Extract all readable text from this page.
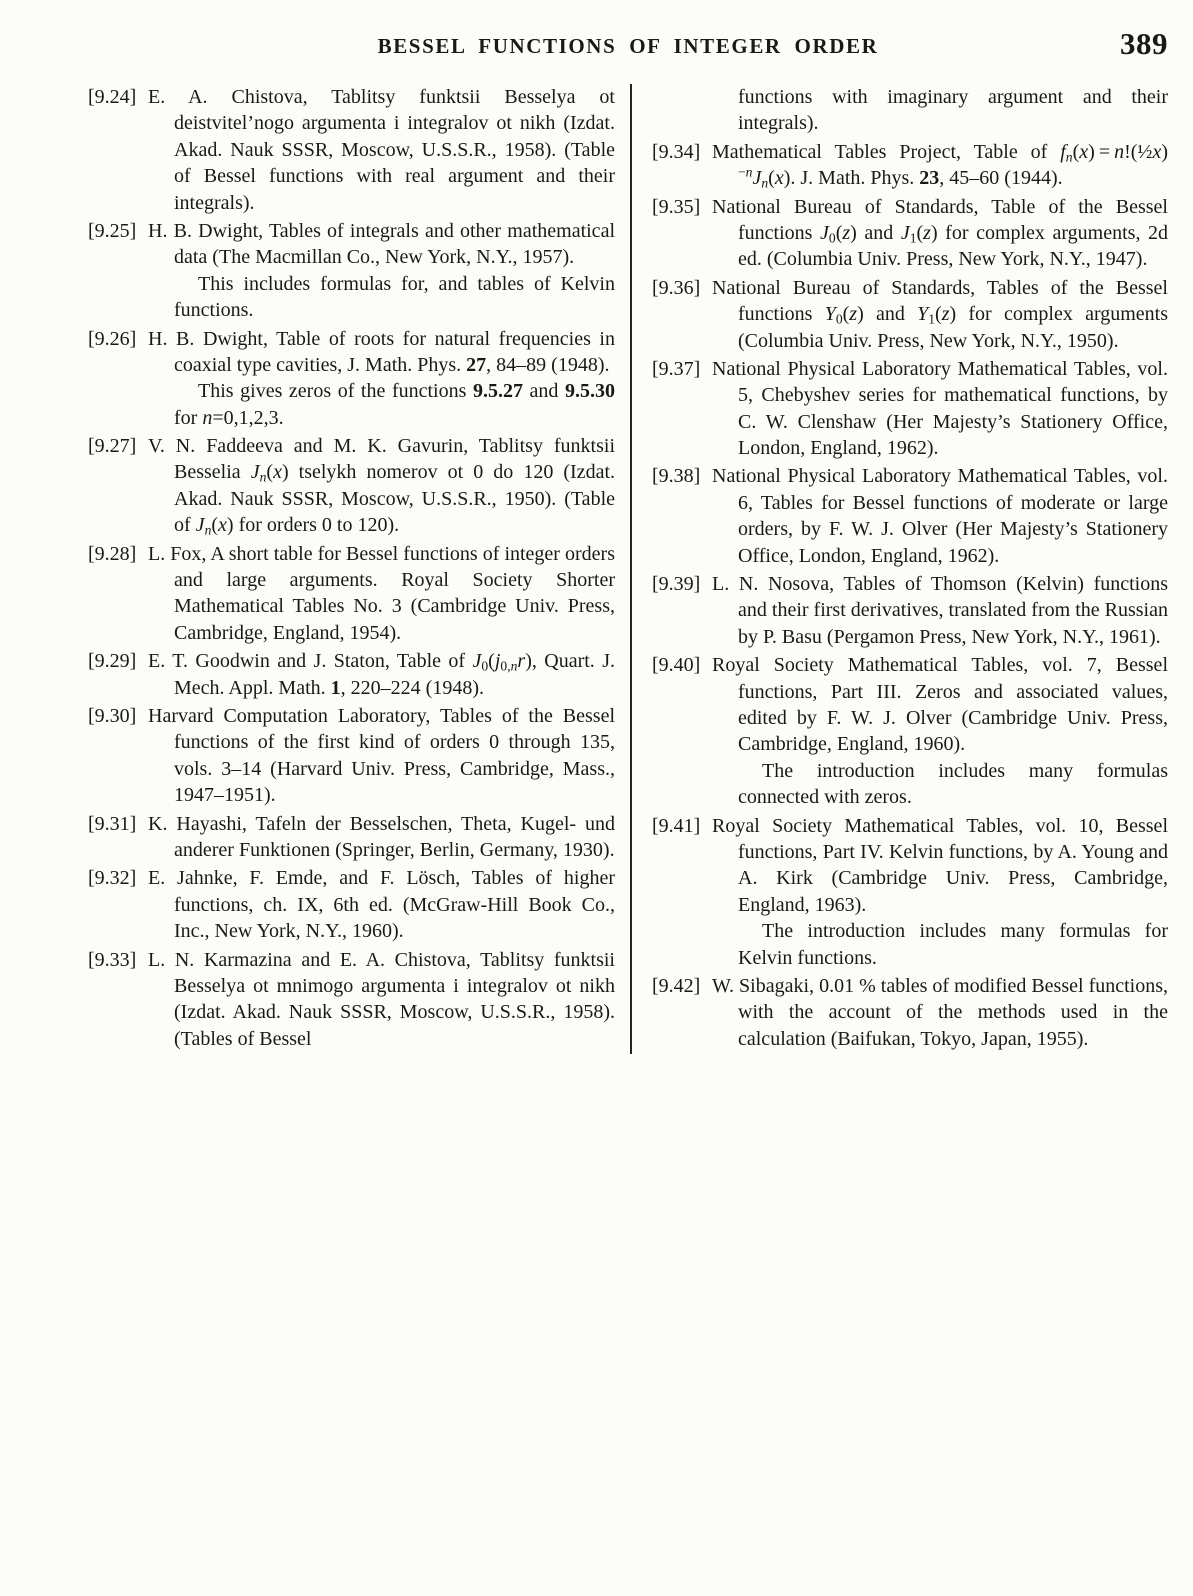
BESSEL FUNCTIONS OF INTEGER ORDER	389
[9.24] E. A. Chistova, Tablitsy funktsii Besselya ot deistvitel’nogo argumenta i integralov ot nikh (Izdat. Akad. Nauk SSSR, Moscow, U.S.S.R., 1958). (Table of Bessel functions with real argument and their integrals).

[9.25] H. B. Dwight, Tables of integrals and other mathematical data (The Macmillan Co., New York, N.Y., 1957).

This includes formulas for, and tables of Kelvin functions.

[9.26] H. B. Dwight, Table of roots for natural frequencies in coaxial type cavities, J. Math. Phys. 27, 84–89 (1948).

This gives zeros of the functions 9.5.27 and 9.5.30 for n=0,1,2,3.

[9.27] V. N. Faddeeva and M. K. Gavurin, Tablitsy funktsii Besselia $J_n(x)$ tselykh nomerov ot 0 do 120 (Izdat. Akad. Nauk SSSR, Moscow, U.S.S.R., 1950). (Table of $J_n(x)$ for orders 0 to 120).

[9.28] L. Fox, A short table for Bessel functions of integer orders and large arguments. Royal Society Shorter Mathematical Tables No. 3 (Cambridge Univ. Press, Cambridge, England, 1954).

[9.29] E. T. Goodwin and J. Staton, Table of $J_0(j_{0,n}r)$, Quart. J. Mech. Appl. Math. 1, 220–224 (1948).

[9.30] Harvard Computation Laboratory, Tables of the Bessel functions of the first kind of orders 0 through 135, vols. 3–14 (Harvard Univ. Press, Cambridge, Mass., 1947–1951).

[9.31] K. Hayashi, Tafeln der Besselschen, Theta, Kugel- und anderer Funktionen (Springer, Berlin, Germany, 1930).

[9.32] E. Jahnke, F. Emde, and F. Lösch, Tables of higher functions, ch. IX, 6th ed. (McGraw-Hill Book Co., Inc., New York, N.Y., 1960).

[9.33] L. N. Karmazina and E. A. Chistova, Tablitsy funktsii Besselya ot mnimogo argumenta i integralov ot nikh (Izdat. Akad. Nauk SSSR, Moscow, U.S.S.R., 1958). (Tables of Bessel

functions with imaginary argument and their integrals).

[9.34] Mathematical Tables Project, Table of $f_n(x)$ = $n!(\frac{1}{2}x)^{-n}J_n(x)$. J. Math. Phys. 23, 45–60 (1944).

[9.35] National Bureau of Standards, Table of the Bessel functions $J_0(z)$ and $J_1(z)$ for complex arguments, 2d ed. (Columbia Univ. Press, New York, N.Y., 1947).

[9.36] National Bureau of Standards, Tables of the Bessel functions $Y_0(z)$ and $Y_1(z)$ for complex arguments (Columbia Univ. Press, New York, N.Y., 1950).

[9.37] National Physical Laboratory Mathematical Tables, vol. 5, Chebyshev series for mathematical functions, by C. W. Clenshaw (Her Majesty’s Stationery Office, London, England, 1962).

[9.38] National Physical Laboratory Mathematical Tables, vol. 6, Tables for Bessel functions of moderate or large orders, by F. W. J. Olver (Her Majesty’s Stationery Office, London, England, 1962).

[9.39] L. N. Nosova, Tables of Thomson (Kelvin) functions and their first derivatives, translated from the Russian by P. Basu (Pergamon Press, New York, N.Y., 1961).

[9.40] Royal Society Mathematical Tables, vol. 7, Bessel functions, Part III. Zeros and associated values, edited by F. W. J. Olver (Cambridge Univ. Press, Cambridge, England, 1960).

The introduction includes many formulas connected with zeros.

[9.41] Royal Society Mathematical Tables, vol. 10, Bessel functions, Part IV. Kelvin functions, by A. Young and A. Kirk (Cambridge Univ. Press, Cambridge, England, 1963).

The introduction includes many formulas for Kelvin functions.

[9.42] W. Sibagaki, 0.01 % tables of modified Bessel functions, with the account of the methods used in the calculation (Baifukan, Tokyo, Japan, 1955).
